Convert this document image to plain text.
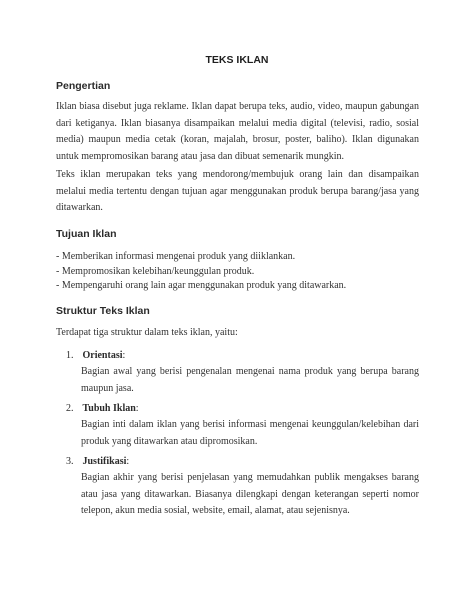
TEKS IKLAN
Pengertian
Iklan biasa disebut juga reklame. Iklan dapat berupa teks, audio, video, maupun gabungan dari ketiganya. Iklan biasanya disampaikan melalui media digital (televisi, radio, sosial media) maupun media cetak (koran, majalah, brosur, poster, baliho). Iklan digunakan untuk mempromosikan barang atau jasa dan dibuat semenarik mungkin.
Teks iklan merupakan teks yang mendorong/membujuk orang lain dan disampaikan melalui media tertentu dengan tujuan agar menggunakan produk berupa barang/jasa yang ditawarkan.
Tujuan Iklan
- Memberikan informasi mengenai produk yang diiklankan.
- Mempromosikan kelebihan/keunggulan produk.
- Mempengaruhi orang lain agar menggunakan produk yang ditawarkan.
Struktur Teks Iklan
Terdapat tiga struktur dalam teks iklan, yaitu:
1. Orientasi:
Bagian awal yang berisi pengenalan mengenai nama produk yang berupa barang maupun jasa.
2. Tubuh Iklan:
Bagian inti dalam iklan yang berisi informasi mengenai keunggulan/kelebihan dari produk yang ditawarkan atau dipromosikan.
3. Justifikasi:
Bagian akhir yang berisi penjelasan yang memudahkan publik mengakses barang atau jasa yang ditawarkan. Biasanya dilengkapi dengan keterangan seperti nomor telepon, akun media sosial, website, email, alamat, atau sejenisnya.
